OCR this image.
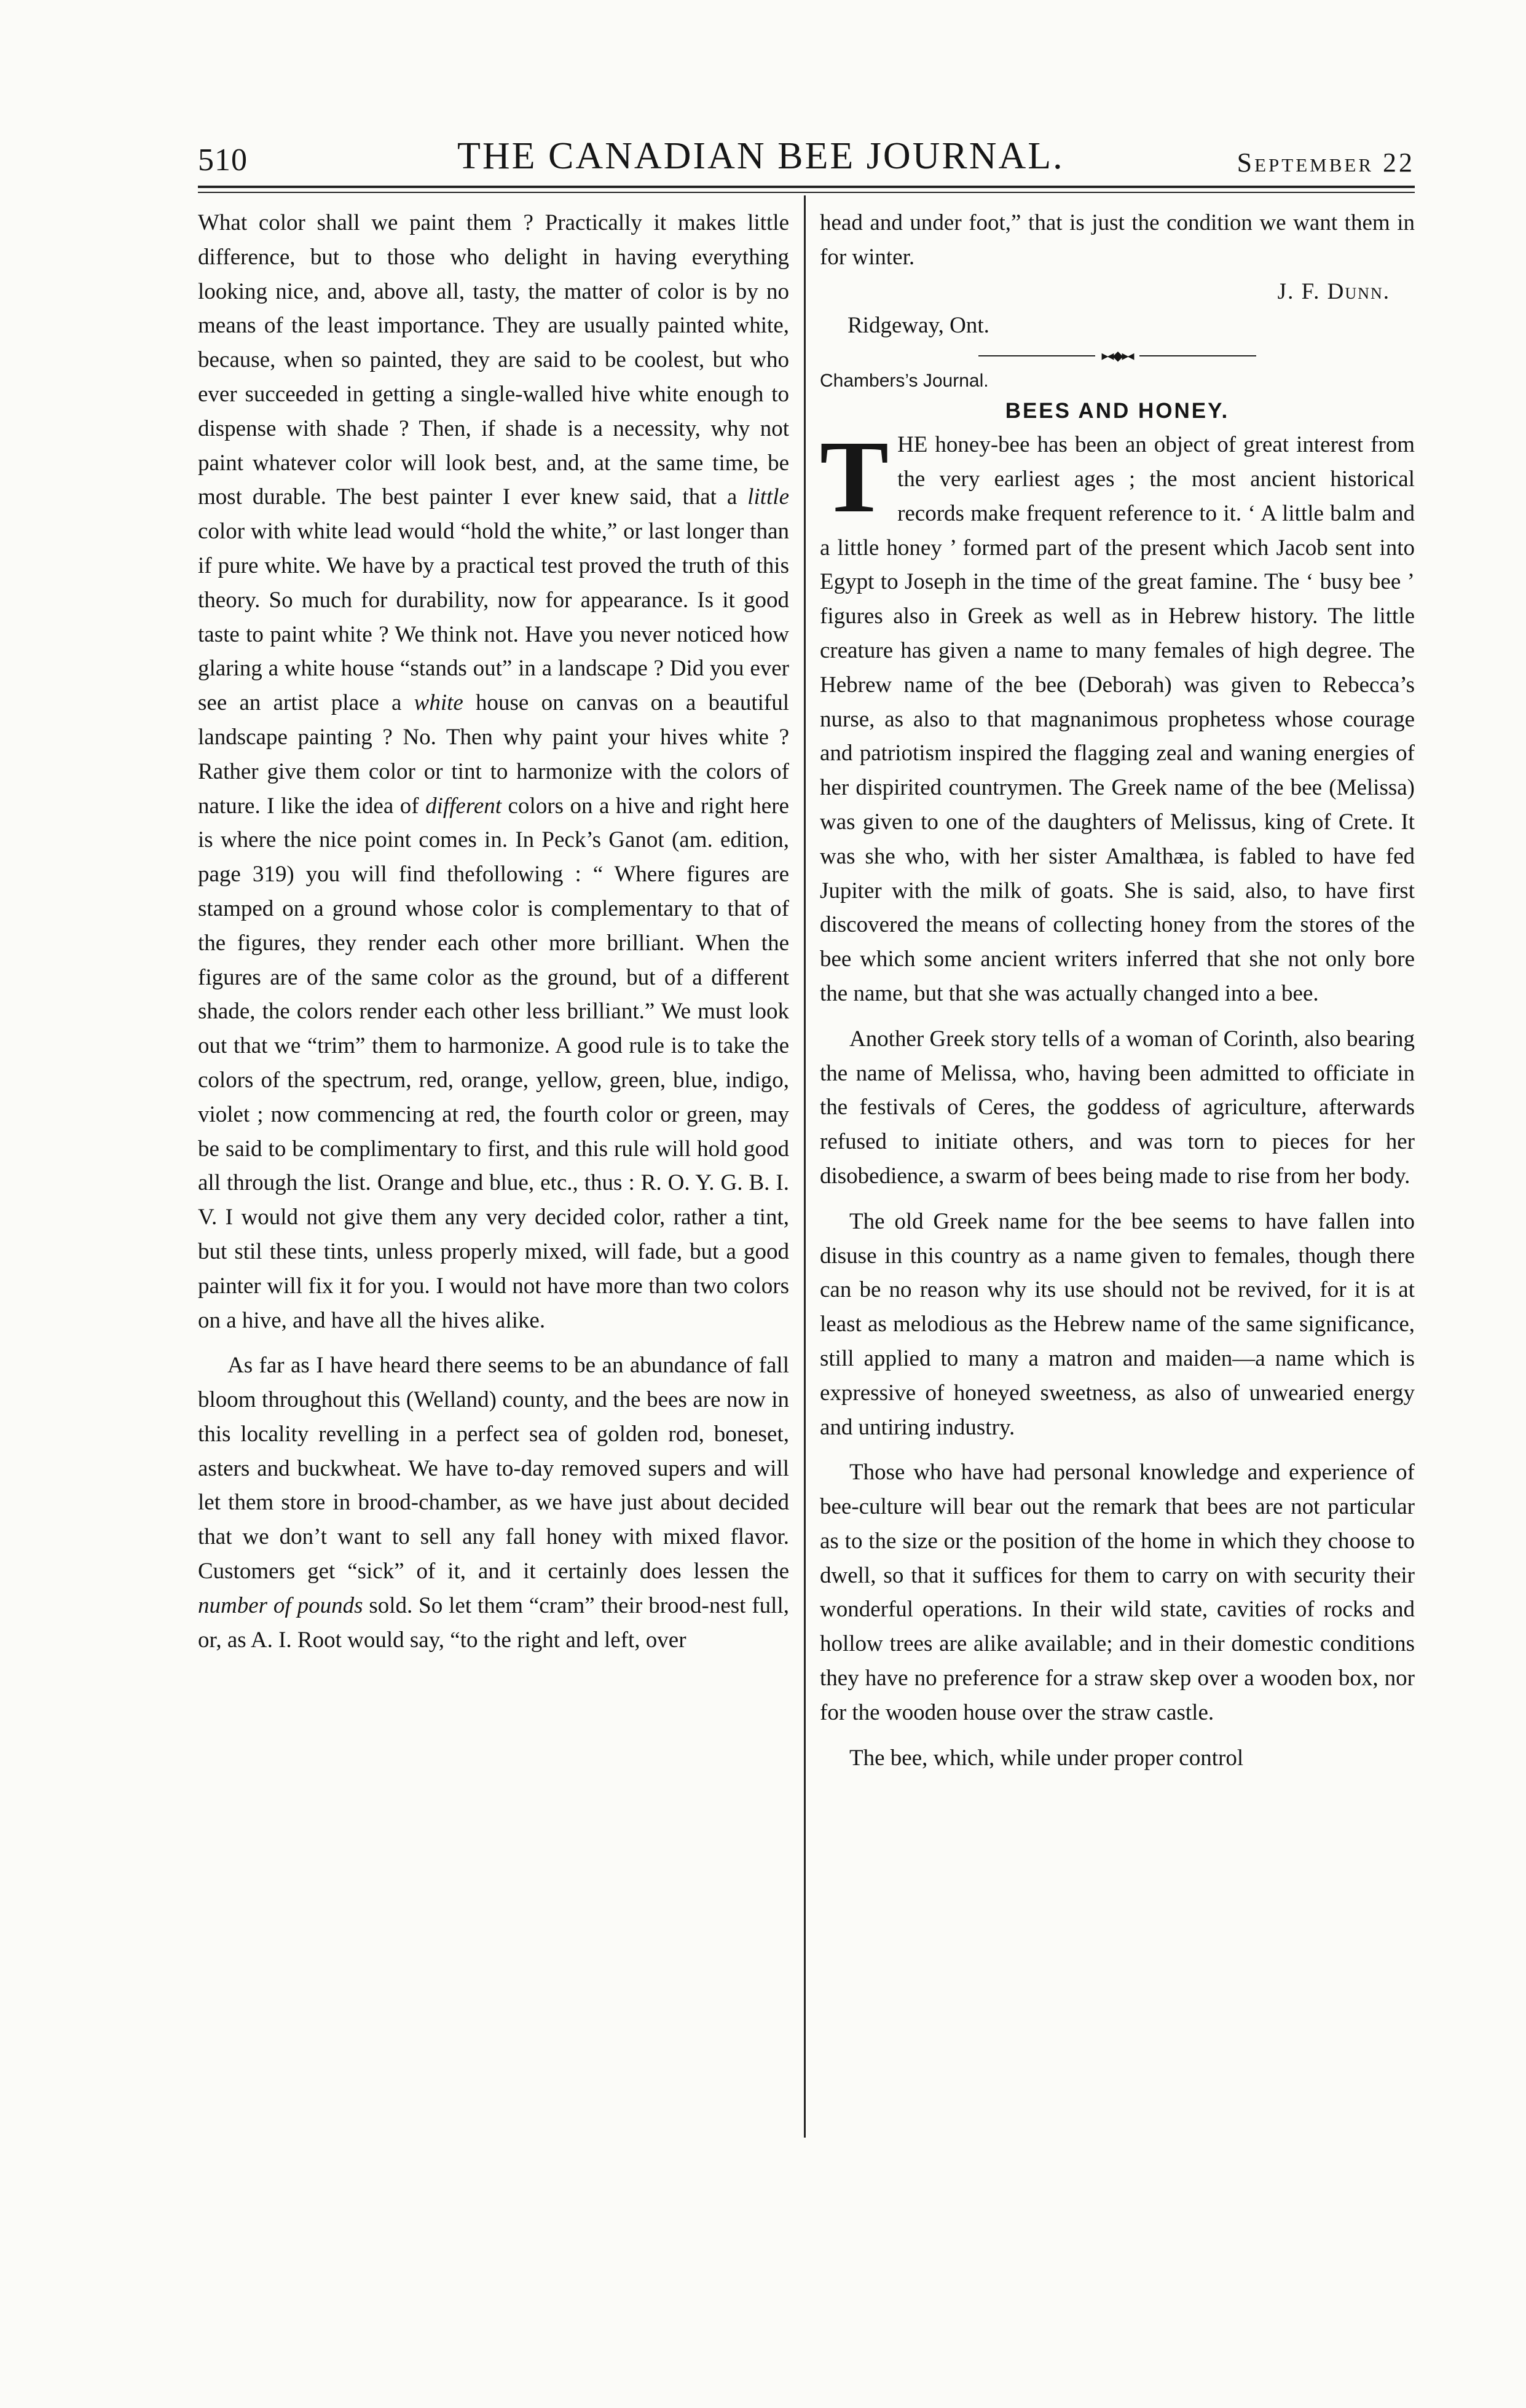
510	THE CANADIAN BEE JOURNAL.	September 22

What color shall we paint them ? Practically it makes little difference, but to those who delight in having everything looking nice, and, above all, tasty, the matter of color is by no means of the least importance. They are usually painted white, because, when so painted, they are said to be coolest, but who ever succeeded in getting a single-walled hive white enough to dispense with shade ? Then, if shade is a necessity, why not paint whatever color will look best, and, at the same time, be most durable. The best painter I ever knew said, that a little color with white lead would “hold the white,” or last longer than if pure white. We have by a practical test proved the truth of this theory. So much for durability, now for appearance. Is it good taste to paint white ? We think not. Have you never noticed how glaring a white house “stands out” in a landscape ? Did you ever see an artist place a white house on canvas on a beautiful landscape painting ? No. Then why paint your hives white ? Rather give them color or tint to harmonize with the colors of nature. I like the idea of different colors on a hive and right here is where the nice point comes in. In Peck’s Ganot (am. edition, page 319) you will find thefollowing : “ Where figures are stamped on a ground whose color is complementary to that of the figures, they render each other more brilliant. When the figures are of the same color as the ground, but of a different shade, the colors render each other less brilliant.” We must look out that we “trim” them to harmonize. A good rule is to take the colors of the spectrum, red, orange, yellow, green, blue, indigo, violet ; now commencing at red, the fourth color or green, may be said to be complimentary to first, and this rule will hold good all through the list. Orange and blue, etc., thus : R. O. Y. G. B. I. V. I would not give them any very decided color, rather a tint, but stil these tints, unless properly mixed, will fade, but a good painter will fix it for you. I would not have more than two colors on a hive, and have all the hives alike.

As far as I have heard there seems to be an abundance of fall bloom throughout this (Welland) county, and the bees are now in this locality revelling in a perfect sea of golden rod, boneset, asters and buckwheat. We have to-day removed supers and will let them store in brood-chamber, as we have just about decided that we don’t want to sell any fall honey with mixed flavor. Customers get “sick” of it, and it certainly does lessen the number of pounds sold. So let them “cram” their brood-nest full, or, as A. I. Root would say, “to the right and left, over

head and under foot,” that is just the condition we want them in for winter.

J. F. Dunn.
Ridgeway, Ont.
▸◂◆▸◂
Chambers’s Journal.
BEES AND HONEY.

THE honey-bee has been an object of great interest from the very earliest ages ; the most ancient historical records make frequent reference to it. ‘ A little balm and a little honey ’ formed part of the present which Jacob sent into Egypt to Joseph in the time of the great famine. The ‘ busy bee ’ figures also in Greek as well as in Hebrew history. The little creature has given a name to many females of high degree. The Hebrew name of the bee (Deborah) was given to Rebecca’s nurse, as also to that magnanimous prophetess whose courage and patriotism inspired the flagging zeal and waning energies of her dispirited countrymen. The Greek name of the bee (Melissa) was given to one of the daughters of Melissus, king of Crete. It was she who, with her sister Amalthæa, is fabled to have fed Jupiter with the milk of goats. She is said, also, to have first discovered the means of collecting honey from the stores of the bee which some ancient writers inferred that she not only bore the name, but that she was actually changed into a bee.

Another Greek story tells of a woman of Corinth, also bearing the name of Melissa, who, having been admitted to officiate in the festivals of Ceres, the goddess of agriculture, afterwards refused to initiate others, and was torn to pieces for her disobedience, a swarm of bees being made to rise from her body.

The old Greek name for the bee seems to have fallen into disuse in this country as a name given to females, though there can be no reason why its use should not be revived, for it is at least as melodious as the Hebrew name of the same significance, still applied to many a matron and maiden—a name which is expressive of honeyed sweetness, as also of unwearied energy and untiring industry.

Those who have had personal knowledge and experience of bee-culture will bear out the remark that bees are not particular as to the size or the position of the home in which they choose to dwell, so that it suffices for them to carry on with security their wonderful operations. In their wild state, cavities of rocks and hollow trees are alike available; and in their domestic conditions they have no preference for a straw skep over a wooden box, nor for the wooden house over the straw castle.

The bee, which, while under proper control
